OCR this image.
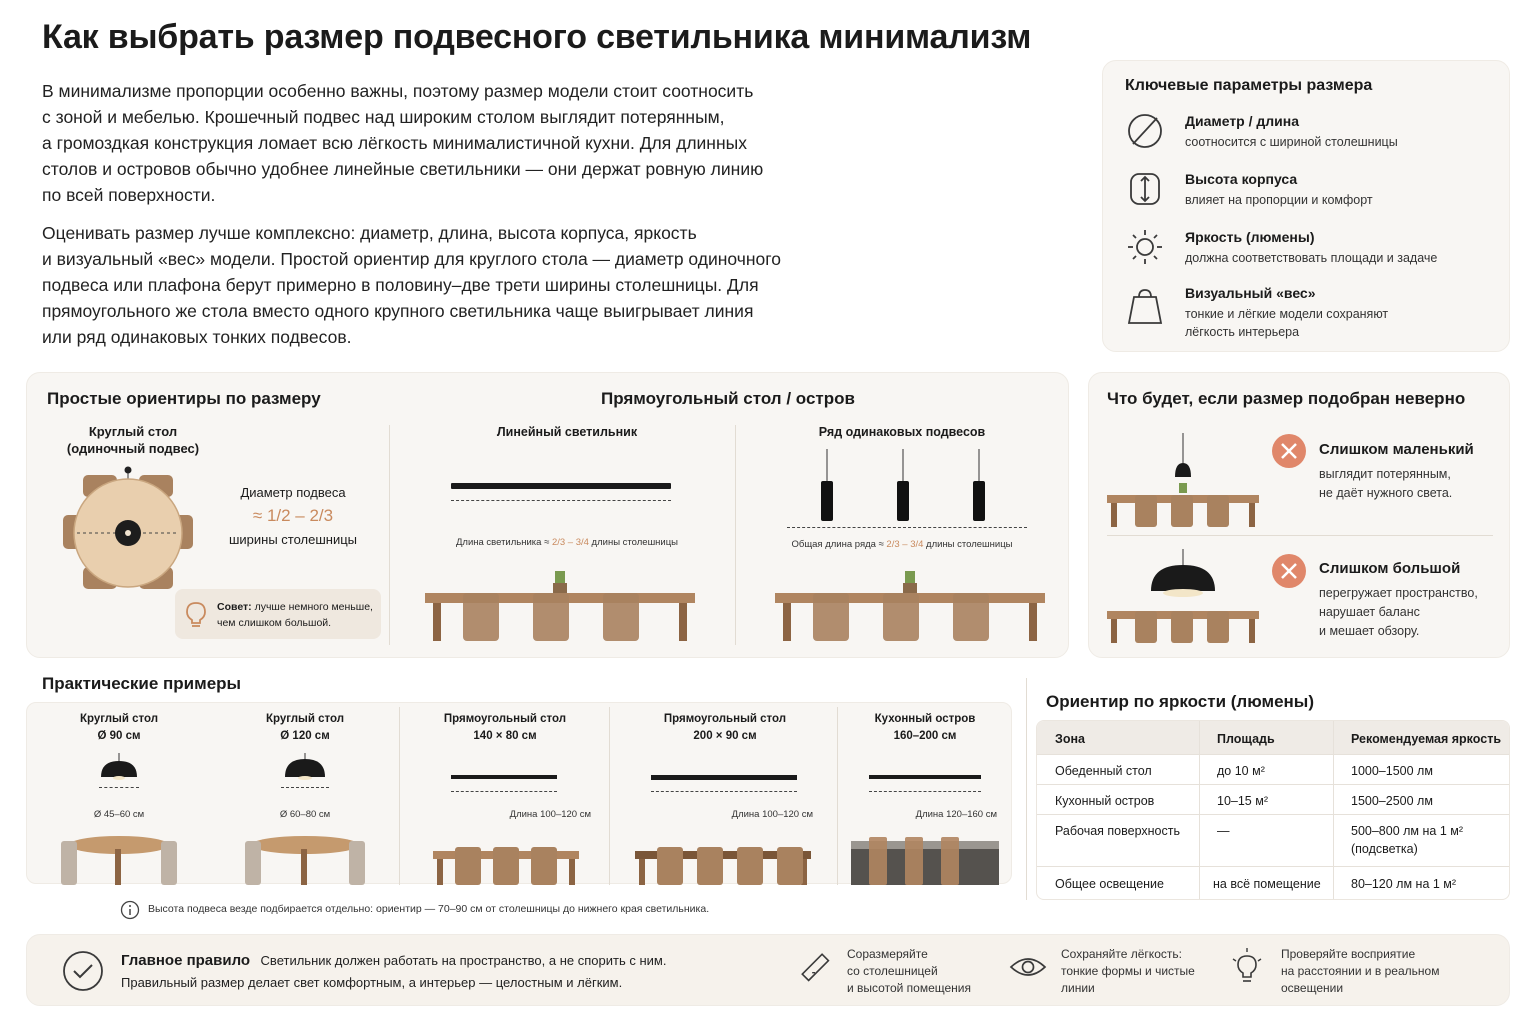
Как выбрать размер подвесного светильника минимализм

В минимализме пропорции особенно важны, поэтому размер модели стоит соотносить
с зоной и мебелью. Крошечный подвес над широким столом выглядит потерянным,
а громоздкая конструкция ломает всю лёгкость минималистичной кухни. Для длинных
столов и островов обычно удобнее линейные светильники — они держат ровную линию
по всей поверхности.

Оценивать размер лучше комплексно: диаметр, длина, высота корпуса, яркость
и визуальный «вес» модели. Простой ориентир для круглого стола — диаметр одиночного
подвеса или плафона берут примерно в половину–две трети ширины столешницы. Для
прямоугольного же стола вместо одного крупного светильника чаще выигрывает линия
или ряд одинаковых тонких подвесов.

Ключевые параметры размера
Диаметр / длина
соотносится с шириной столешницы
Высота корпуса
влияет на пропорции и комфорт
Яркость (люмены)
должна соответствовать площади и задаче
Визуальный «вес»
тонкие и лёгкие модели сохраняют
лёгкость интерьера
Простые ориентиры по размеру
Круглый стол
(одиночный подвес)
Диаметр подвеса
≈ 1/2 – 2/3
ширины столешницы
Совет: лучше немного меньше,
чем слишком большой.
Прямоугольный стол / остров
Линейный светильник
Длина светильника ≈ 2/3 – 3/4 длины столешницы
Ряд одинаковых подвесов
Общая длина ряда ≈ 2/3 – 3/4 длины столешницы
Что будет, если размер подобран неверно
Слишком маленький
выглядит потерянным,
не даёт нужного света.
Слишком большой
перегружает пространство,
нарушает баланс
и мешает обзору.
Практические примеры
Круглый стол
Ø 90 см
Ø 45–60 см
Круглый стол
Ø 120 см
Ø 60–80 см
Прямоугольный стол
140 × 80 см
Длина 100–120 см
Прямоугольный стол
200 × 90 см
Длина 100–120 см
Кухонный остров
160–200 см
Длина 120–160 см
Высота подвеса везде подбирается отдельно: ориентир — 70–90 см от столешницы до нижнего края светильника.
Ориентир по яркости (люмены)
Зона	Площадь	Рекомендуемая яркость
Обеденный стол	до 10 м²	1000–1500 лм
Кухонный остров	10–15 м²	1500–2500 лм
Рабочая поверхность	—	500–800 лм на 1 м²
(подсветка)
Общее освещение	на всё помещение	80–120 лм на 1 м²
Главное правило Светильник должен работать на пространство, а не спорить с ним.
Правильный размер делает свет комфортным, а интерьер — целостным и лёгким.
Соразмеряйте
со столешницей
и высотой помещения
Сохраняйте лёгкость:
тонкие формы и чистые
линии
Проверяйте восприятие
на расстоянии и в реальном
освещении
